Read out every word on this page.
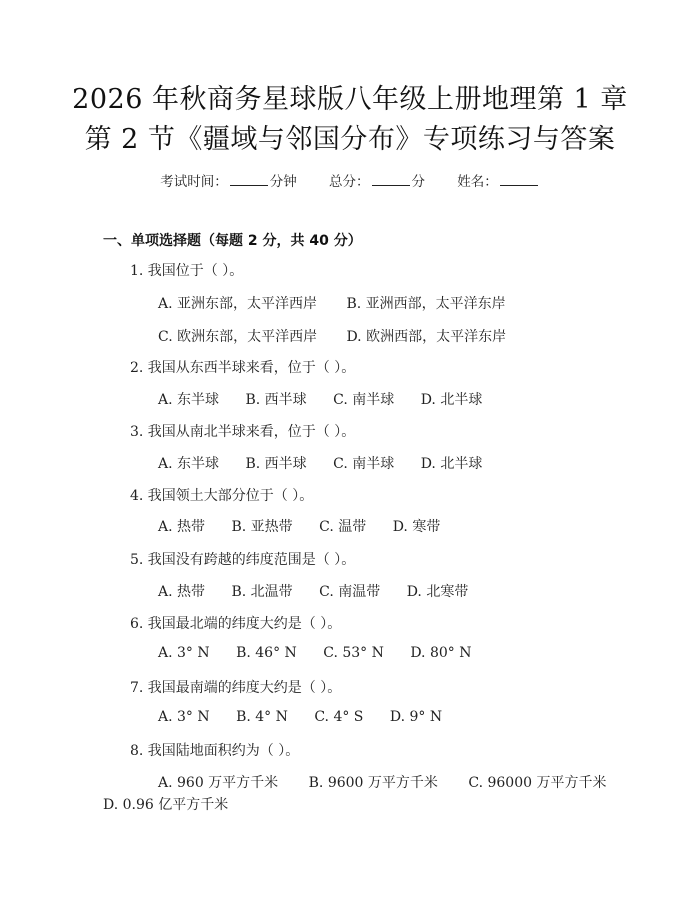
2026 年秋商务星球版八年级上册地理第 1 章
第 2 节《疆域与邻国分布》专项练习与答案
考试时间：	分钟 总分：	分 姓名：
一、单项选择题（每题 2 分，共 40 分）
1. 我国位于（ ）。
A. 亚洲东部，太平洋西岸 B. 亚洲西部，太平洋东岸
C. 欧洲东部，太平洋西岸 D. 欧洲西部，太平洋东岸
2. 我国从东西半球来看，位于（ ）。
A. 东半球 B. 西半球 C. 南半球 D. 北半球
3. 我国从南北半球来看，位于（ ）。
A. 东半球 B. 西半球 C. 南半球 D. 北半球
4. 我国领土大部分位于（ ）。
A. 热带 B. 亚热带 C. 温带 D. 寒带
5. 我国没有跨越的纬度范围是（ ）。
A. 热带 B. 北温带 C. 南温带 D. 北寒带
6. 我国最北端的纬度大约是（ ）。
A. 3° N B. 46° N C. 53° N D. 80° N
7. 我国最南端的纬度大约是（ ）。
A. 3° N B. 4° N C. 4° S D. 9° N
8. 我国陆地面积约为（ ）。
A. 960 万平方千米 B. 9600 万平方千米 C. 96000 万平方千米
D. 0.96 亿平方千米
